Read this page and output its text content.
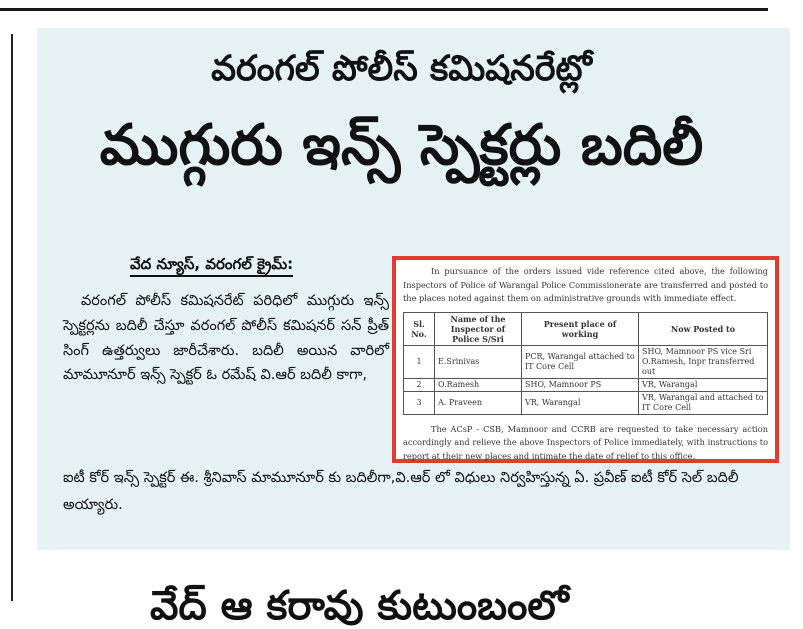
వరంగల్ పోలీస్ కమిషనరేట్లో
ముగ్గురు ఇన్స్ స్పెక్టర్లు బదిలీ
వేద న్యూస్, వరంగల్ క్రైమ్:
వరంగల్ పోలీస్ కమిషనరేట్ పరిధిలో ముగ్గురు ఇన్స్ స్పెక్టర్లను బదిలీ చేస్తూ వరంగల్ పోలీస్ కమిషనర్ సన్ ప్రీత్ సింగ్ ఉత్తర్వులు జారీచేశారు. బదిలీ అయిన వారిలో మామూనూర్ ఇన్స్ స్పెక్టర్ ఓ రమేష్ వి.ఆర్ బదిలీ కాగా,

In pursuance of the orders issued vide reference cited above, the following Inspectors of Police of Warangal Police Commissionerate are transferred and posted to the places noted against them on administrative grounds with immediate effect.

Sl. No.	Name of the Inspector of Police S/Sri	Present place of working	Now Posted to
1	E.Srinivas	PCR, Warangal attached to IT Core Cell	SHO, Mamnoor PS vice Sri O.Ramesh, Inpr transferred out
2	O.Ramesh	SHO, Mamnoor PS	VR, Warangal
3	A. Praveen	VR, Warangal	VR, Warangal and attached to IT Core Cell

The ACsP - CSB, Mamnoor and CCRB are requested to take necessary action accordingly and relieve the above Inspectors of Police immediately, with instructions to report at their new places and intimate the date of relief to this office.

ఐటీ కోర్ ఇన్స్ స్పెక్టర్ ఈ. శ్రీనివాస్ మామూనూర్ కు బదిలీగా,వి.ఆర్ లో విధులు నిర్వహిస్తున్న ఏ. ప్రవీణ్ ఐటీ కోర్ సెల్ బదిలీ అయ్యారు.
వేద్ ఆ కరావు కుటుంబంలో
